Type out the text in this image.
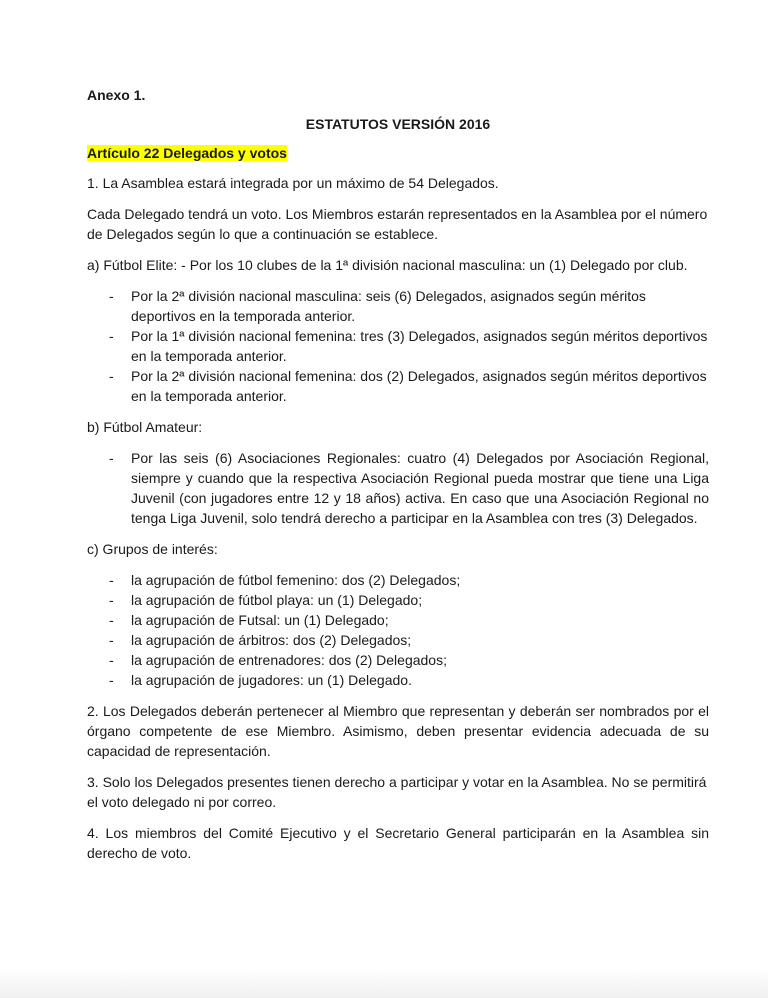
Anexo 1.

ESTATUTOS VERSIÓN 2016

Artículo 22 Delegados y votos

1. La Asamblea estará integrada por un máximo de 54 Delegados.

Cada Delegado tendrá un voto. Los Miembros estarán representados en la Asamblea por el número de Delegados según lo que a continuación se establece.

a) Fútbol Elite: - Por los 10 clubes de la 1ª división nacional masculina: un (1) Delegado por club.

- Por la 2ª división nacional masculina: seis (6) Delegados, asignados según méritos deportivos en la temporada anterior.
- Por la 1ª división nacional femenina: tres (3) Delegados, asignados según méritos deportivos en la temporada anterior.
- Por la 2ª división nacional femenina: dos (2) Delegados, asignados según méritos deportivos en la temporada anterior.

b) Fútbol Amateur:

- Por las seis (6) Asociaciones Regionales: cuatro (4) Delegados por Asociación Regional, siempre y cuando que la respectiva Asociación Regional pueda mostrar que tiene una Liga Juvenil (con jugadores entre 12 y 18 años) activa. En caso que una Asociación Regional no tenga Liga Juvenil, solo tendrá derecho a participar en la Asamblea con tres (3) Delegados.

c) Grupos de interés:

- la agrupación de fútbol femenino: dos (2) Delegados;
- la agrupación de fútbol playa: un (1) Delegado;
- la agrupación de Futsal: un (1) Delegado;
- la agrupación de árbitros: dos (2) Delegados;
- la agrupación de entrenadores: dos (2) Delegados;
- la agrupación de jugadores: un (1) Delegado.

2. Los Delegados deberán pertenecer al Miembro que representan y deberán ser nombrados por el órgano competente de ese Miembro. Asimismo, deben presentar evidencia adecuada de su capacidad de representación.

3. Solo los Delegados presentes tienen derecho a participar y votar en la Asamblea. No se permitirá el voto delegado ni por correo.

4. Los miembros del Comité Ejecutivo y el Secretario General participarán en la Asamblea sin derecho de voto.
